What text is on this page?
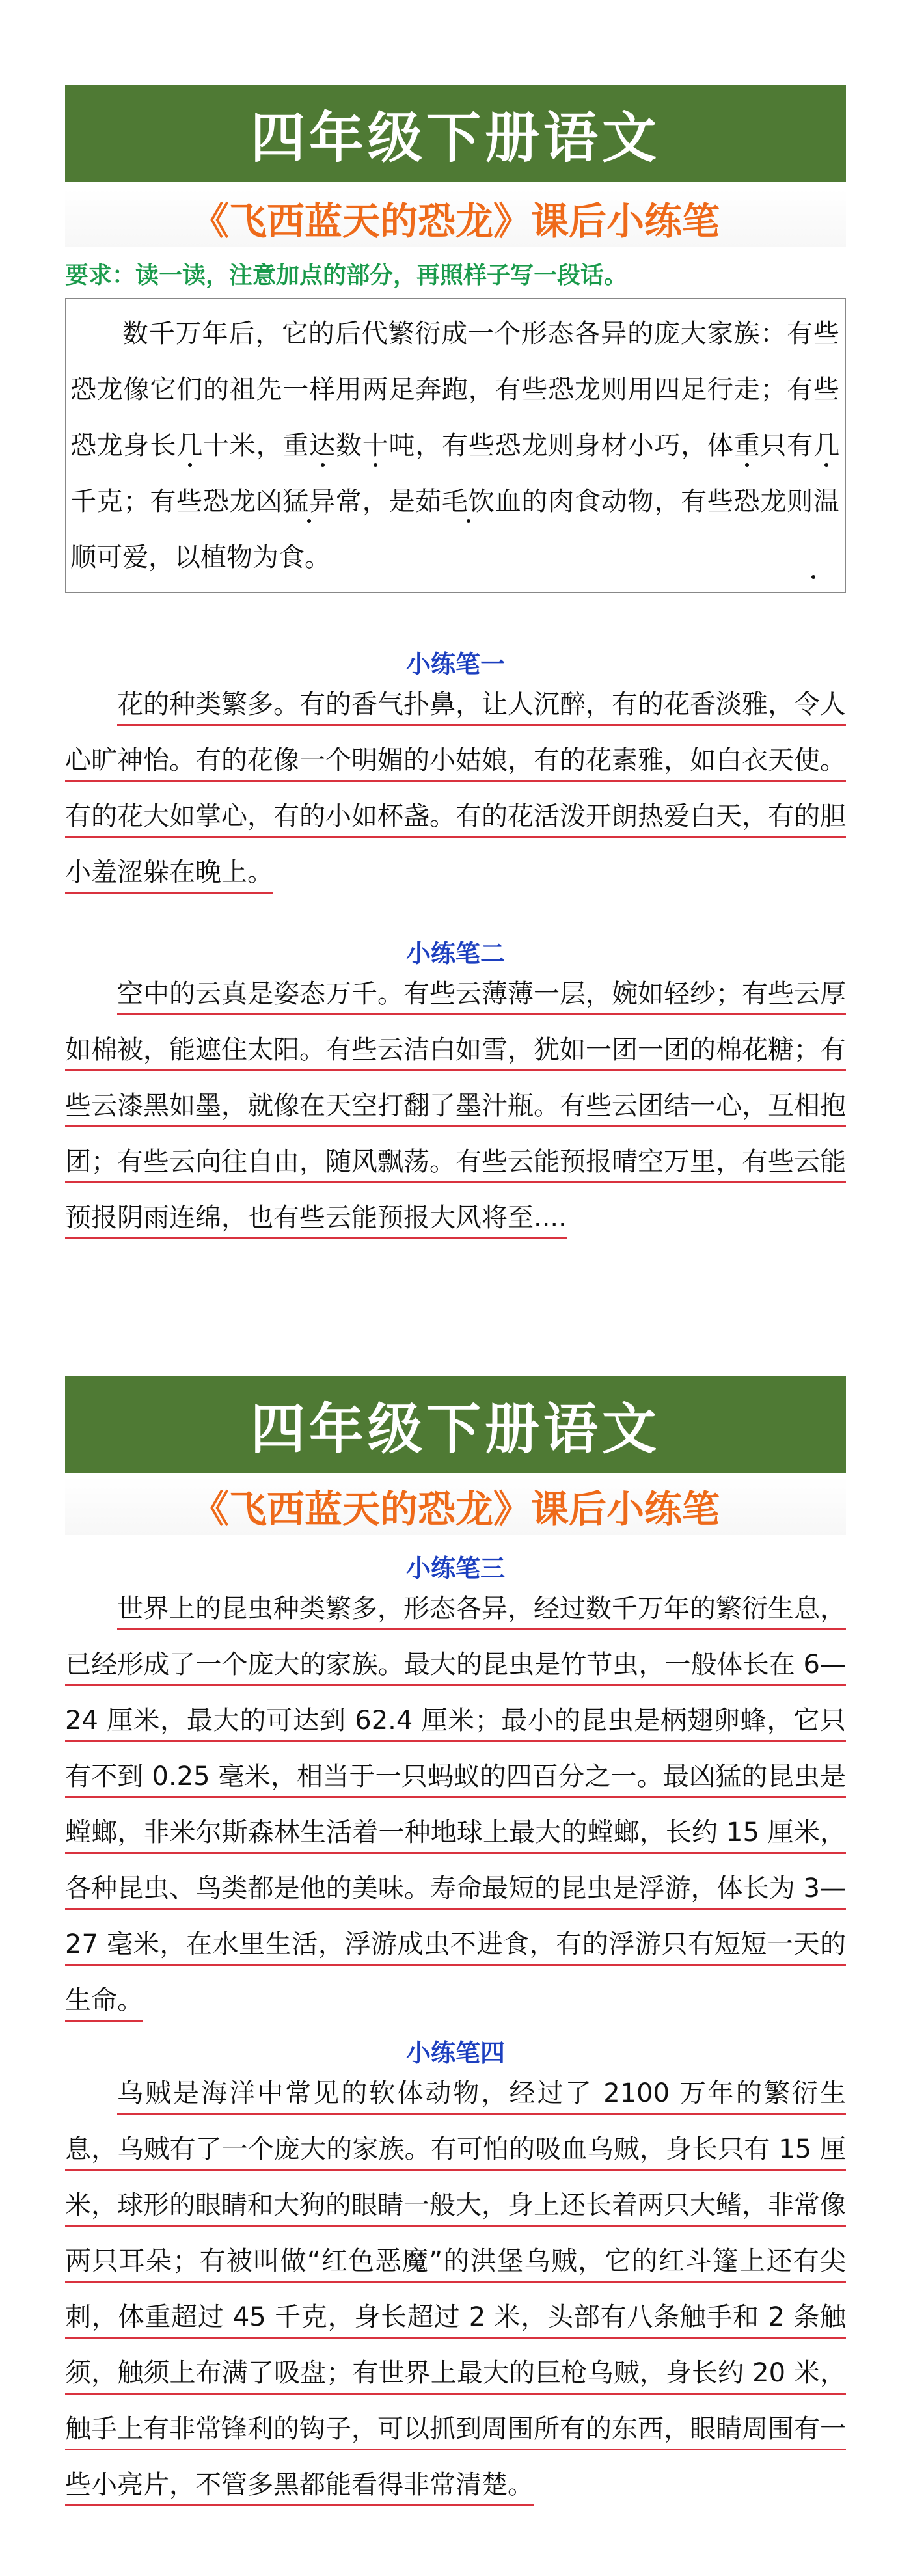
四年级下册语文
《飞西蓝天的恐龙》课后小练笔
要求：读一读，注意加点的部分，再照样子写一段话。
数千万年后，它的后代繁衍成一个形态各异的庞大家族：有些恐龙像它们的祖先一样用两足奔跑，有些恐龙则用四足行走；有些恐龙身长几十米，重达数十吨，有些恐龙则身材小巧，体重只有几千克；有些恐龙凶猛异常，是茹毛饮血的肉食动物，有些恐龙则温顺可爱，以植物为食。
小练笔一

花的种类繁多。有的香气扑鼻，让人沉醉，有的花香淡雅，令人心旷神怡。有的花像一个明媚的小姑娘，有的花素雅，如白衣天使。有的花大如掌心，有的小如杯盏。有的花活泼开朗热爱白天，有的胆小羞涩躲在晚上。

小练笔二

空中的云真是姿态万千。有些云薄薄一层，婉如轻纱；有些云厚如棉被，能遮住太阳。有些云洁白如雪，犹如一团一团的棉花糖；有些云漆黑如墨，就像在天空打翻了墨汁瓶。有些云团结一心，互相抱团；有些云向往自由，随风飘荡。有些云能预报晴空万里，有些云能预报阴雨连绵，也有些云能预报大风将至....

四年级下册语文
《飞西蓝天的恐龙》课后小练笔
小练笔三

世界上的昆虫种类繁多，形态各异，经过数千万年的繁衍生息，已经形成了一个庞大的家族。最大的昆虫是竹节虫，一般体长在 6—24 厘米，最大的可达到 62.4 厘米；最小的昆虫是柄翅卵蜂，它只有不到 0.25 毫米，相当于一只蚂蚁的四百分之一。最凶猛的昆虫是螳螂，非米尔斯森林生活着一种地球上最大的螳螂，长约 15 厘米，各种昆虫、鸟类都是他的美味。寿命最短的昆虫是浮游，体长为 3—27 毫米，在水里生活，浮游成虫不进食，有的浮游只有短短一天的生命。

小练笔四

乌贼是海洋中常见的软体动物，经过了 2100 万年的繁衍生息，乌贼有了一个庞大的家族。有可怕的吸血乌贼，身长只有 15 厘米，球形的眼睛和大狗的眼睛一般大，身上还长着两只大鳍，非常像两只耳朵；有被叫做“红色恶魔”的洪堡乌贼，它的红斗篷上还有尖刺，体重超过 45 千克，身长超过 2 米，头部有八条触手和 2 条触须，触须上布满了吸盘；有世界上最大的巨枪乌贼，身长约 20 米，触手上有非常锋利的钩子，可以抓到周围所有的东西，眼睛周围有一些小亮片，不管多黑都能看得非常清楚。
